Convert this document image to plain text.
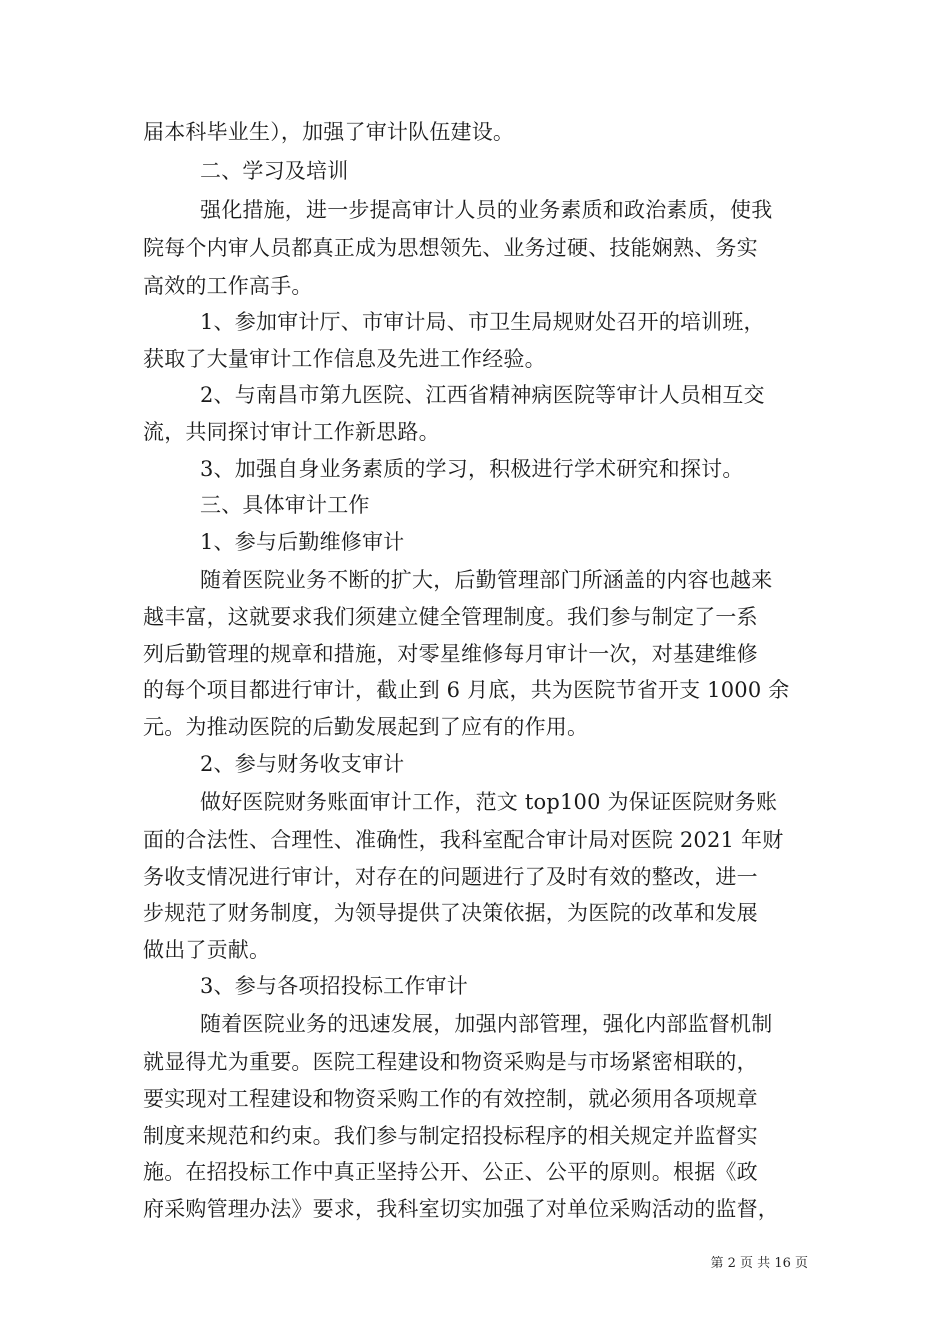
届本科毕业生），加强了审计队伍建设。
二、学习及培训
强化措施，进一步提高审计人员的业务素质和政治素质，使我
院每个内审人员都真正成为思想领先、业务过硬、技能娴熟、务实
高效的工作高手。
1、参加审计厅、市审计局、市卫生局规财处召开的培训班，
获取了大量审计工作信息及先进工作经验。
2、与南昌市第九医院、江西省精神病医院等审计人员相互交
流，共同探讨审计工作新思路。
3、加强自身业务素质的学习，积极进行学术研究和探讨。
三、具体审计工作
1、参与后勤维修审计
随着医院业务不断的扩大，后勤管理部门所涵盖的内容也越来
越丰富，这就要求我们须建立健全管理制度。我们参与制定了一系
列后勤管理的规章和措施，对零星维修每月审计一次，对基建维修
的每个项目都进行审计，截止到 6 月底，共为医院节省开支 1000 余
元。为推动医院的后勤发展起到了应有的作用。
2、参与财务收支审计
做好医院财务账面审计工作，范文 top100 为保证医院财务账
面的合法性、合理性、准确性，我科室配合审计局对医院 2021 年财
务收支情况进行审计，对存在的问题进行了及时有效的整改，进一
步规范了财务制度，为领导提供了决策依据，为医院的改革和发展
做出了贡献。
3、参与各项招投标工作审计
随着医院业务的迅速发展，加强内部管理，强化内部监督机制
就显得尤为重要。医院工程建设和物资采购是与市场紧密相联的，
要实现对工程建设和物资采购工作的有效控制，就必须用各项规章
制度来规范和约束。我们参与制定招投标程序的相关规定并监督实
施。在招投标工作中真正坚持公开、公正、公平的原则。根据《政
府采购管理办法》要求，我科室切实加强了对单位采购活动的监督，
第 2 页 共 16 页
